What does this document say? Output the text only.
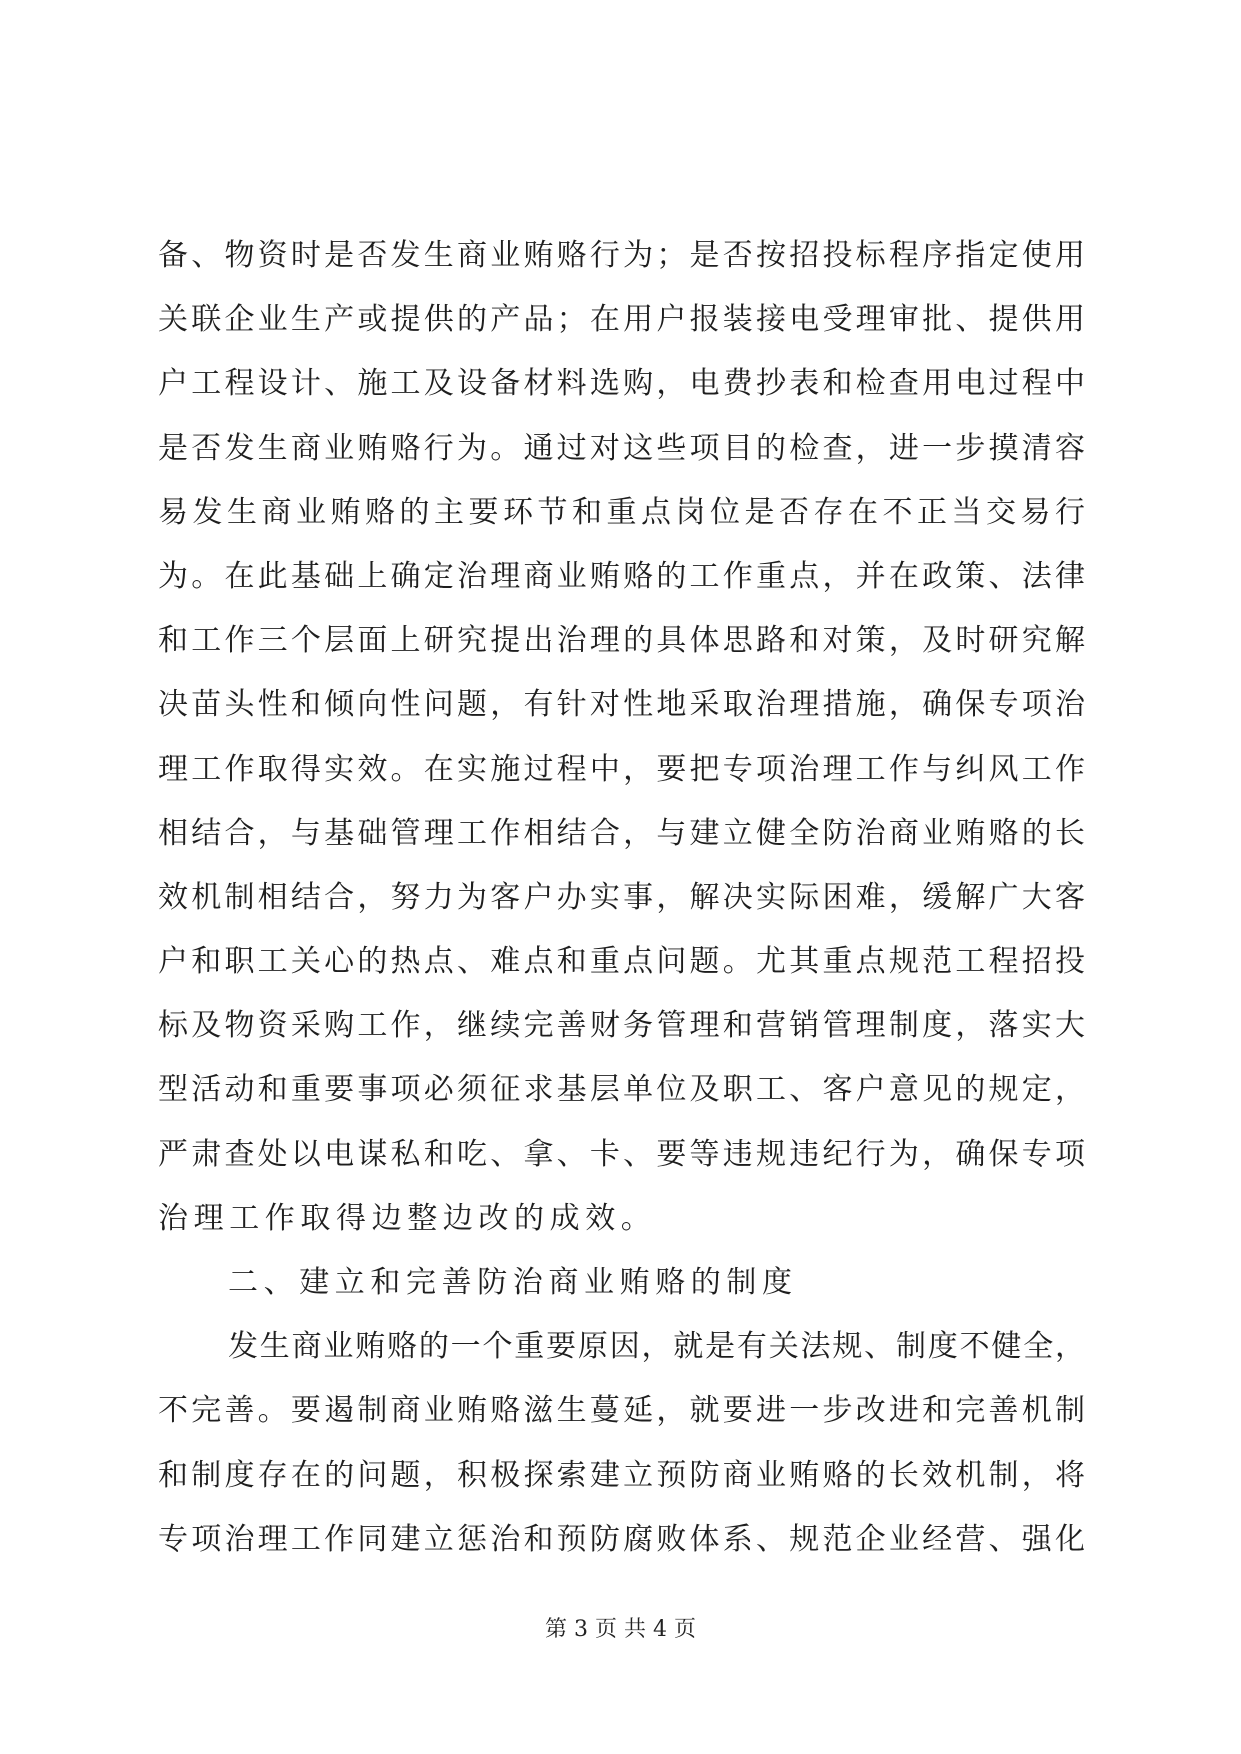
备、物资时是否发生商业贿赂行为；是否按招投标程序指定使用
关联企业生产或提供的产品；在用户报装接电受理审批、提供用
户工程设计、施工及设备材料选购，电费抄表和检查用电过程中
是否发生商业贿赂行为。通过对这些项目的检查，进一步摸清容
易发生商业贿赂的主要环节和重点岗位是否存在不正当交易行
为。在此基础上确定治理商业贿赂的工作重点，并在政策、法律
和工作三个层面上研究提出治理的具体思路和对策，及时研究解
决苗头性和倾向性问题，有针对性地采取治理措施，确保专项治
理工作取得实效。在实施过程中，要把专项治理工作与纠风工作
相结合，与基础管理工作相结合，与建立健全防治商业贿赂的长
效机制相结合，努力为客户办实事，解决实际困难，缓解广大客
户和职工关心的热点、难点和重点问题。尤其重点规范工程招投
标及物资采购工作，继续完善财务管理和营销管理制度，落实大
型活动和重要事项必须征求基层单位及职工、客户意见的规定，
严肃查处以电谋私和吃、拿、卡、要等违规违纪行为，确保专项
治理工作取得边整边改的成效。
二、建立和完善防治商业贿赂的制度
发生商业贿赂的一个重要原因，就是有关法规、制度不健全，
不完善。要遏制商业贿赂滋生蔓延，就要进一步改进和完善机制
和制度存在的问题，积极探索建立预防商业贿赂的长效机制，将
专项治理工作同建立惩治和预防腐败体系、规范企业经营、强化
第 3 页 共 4 页
